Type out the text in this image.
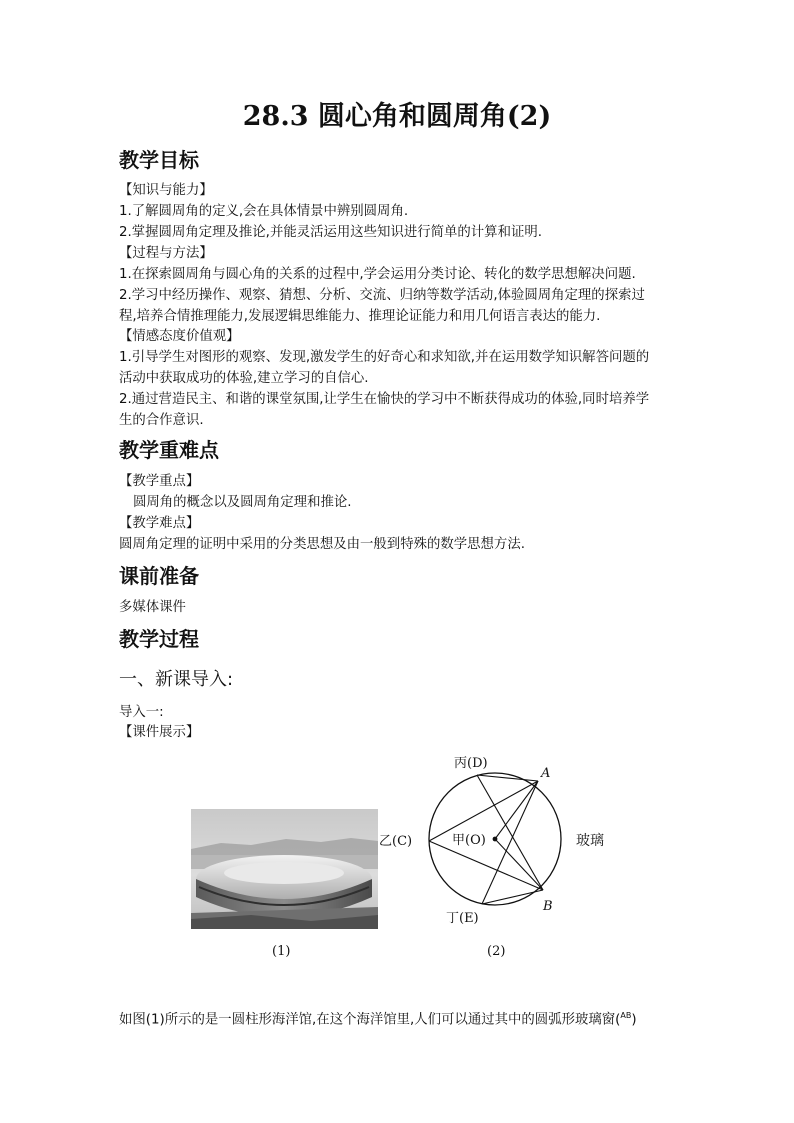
28.3 圆心角和圆周角(2)
教学目标
【知识与能力】
1.了解圆周角的定义,会在具体情景中辨别圆周角.
2.掌握圆周角定理及推论,并能灵活运用这些知识进行简单的计算和证明.
【过程与方法】
1.在探索圆周角与圆心角的关系的过程中,学会运用分类讨论、转化的数学思想解决问题.
2.学习中经历操作、观察、猜想、分析、交流、归纳等数学活动,体验圆周角定理的探索过
程,培养合情推理能力,发展逻辑思维能力、推理论证能力和用几何语言表达的能力.
【情感态度价值观】
1.引导学生对图形的观察、发现,激发学生的好奇心和求知欲,并在运用数学知识解答问题的
活动中获取成功的体验,建立学习的自信心.
2.通过营造民主、和谐的课堂氛围,让学生在愉快的学习中不断获得成功的体验,同时培养学
生的合作意识.
教学重难点
【教学重点】
圆周角的概念以及圆周角定理和推论.
【教学难点】
圆周角定理的证明中采用的分类思想及由一般到特殊的数学思想方法.
课前准备
多媒体课件
教学过程
一、新课导入:
导入一:
【课件展示】
丙(D)
A
乙(C)	甲(O)	玻璃
丁(E)
B
(1)	(2)
如图(1)所示的是一圆柱形海洋馆,在这个海洋馆里,人们可以通过其中的圆弧形玻璃窗($^{AB}$)
